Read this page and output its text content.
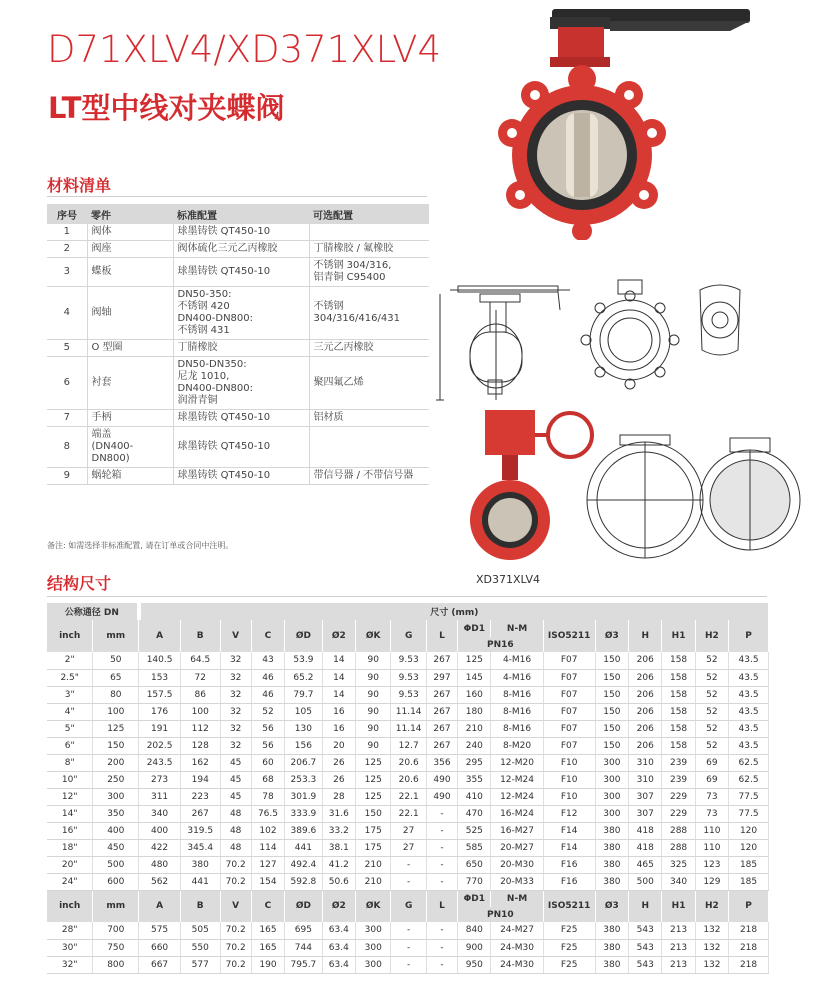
D71XLV4/XD371XLV4
LT型中线对夹蝶阀
材料清单
序号	零件	标准配置	可选配置
1	阀体	球墨铸铁 QT450-10	
2	阀座	阀体硫化三元乙丙橡胶	丁腈橡胶 / 氟橡胶
3	蝶板	球墨铸铁 QT450-10	不锈钢 304/316,
铝青铜 C95400
4	阀轴	DN50-350:
不锈钢 420
DN400-DN800:
不锈钢 431	不锈钢
304/316/416/431
5	O 型圈	丁腈橡胶	三元乙丙橡胶
6	衬套	DN50-DN350:
尼龙 1010,
DN400-DN800:
润滑青铜	聚四氟乙烯
7	手柄	球墨铸铁 QT450-10	铝材质
8	端盖
(DN400-
DN800)	球墨铸铁 QT450-10	
9	蜗轮箱	球墨铸铁 QT450-10	带信号器 / 不带信号器
备注: 如需选择非标准配置, 请在订单或合同中注明。
XD371XLV4
结构尺寸
公称通径 DN		尺寸 (mm)																
inch	mm	A	B	V	C	ØD	Ø2	ØK	G	L	ΦD1	N-M	ISO5211	Ø3	H	H1	H2	P
											PN16							
2"	50	140.5	64.5	32	43	53.9	14	90	9.53	267	125	4-M16	F07	150	206	158	52	43.5
2.5"	65	153	72	32	46	65.2	14	90	9.53	297	145	4-M16	F07	150	206	158	52	43.5
3"	80	157.5	86	32	46	79.7	14	90	9.53	267	160	8-M16	F07	150	206	158	52	43.5
4"	100	176	100	32	52	105	16	90	11.14	267	180	8-M16	F07	150	206	158	52	43.5
5"	125	191	112	32	56	130	16	90	11.14	267	210	8-M16	F07	150	206	158	52	43.5
6"	150	202.5	128	32	56	156	20	90	12.7	267	240	8-M20	F07	150	206	158	52	43.5
8"	200	243.5	162	45	60	206.7	26	125	20.6	356	295	12-M20	F10	300	310	239	69	62.5
10"	250	273	194	45	68	253.3	26	125	20.6	490	355	12-M24	F10	300	310	239	69	62.5
12"	300	311	223	45	78	301.9	28	125	22.1	490	410	12-M24	F10	300	307	229	73	77.5
14"	350	340	267	48	76.5	333.9	31.6	150	22.1	-	470	16-M24	F12	300	307	229	73	77.5
16"	400	400	319.5	48	102	389.6	33.2	175	27	-	525	16-M27	F14	380	418	288	110	120
18"	450	422	345.4	48	114	441	38.1	175	27	-	585	20-M27	F14	380	418	288	110	120
20"	500	480	380	70.2	127	492.4	41.2	210	-	-	650	20-M30	F16	380	465	325	123	185
24"	600	562	441	70.2	154	592.8	50.6	210	-	-	770	20-M33	F16	380	500	340	129	185
inch	mm	A	B	V	C	ØD	Ø2	ØK	G	L	ΦD1	N-M	ISO5211	Ø3	H	H1	H2	P
											PN10							
28"	700	575	505	70.2	165	695	63.4	300	-	-	840	24-M27	F25	380	543	213	132	218
30"	750	660	550	70.2	165	744	63.4	300	-	-	900	24-M30	F25	380	543	213	132	218
32"	800	667	577	70.2	190	795.7	63.4	300	-	-	950	24-M30	F25	380	543	213	132	218
